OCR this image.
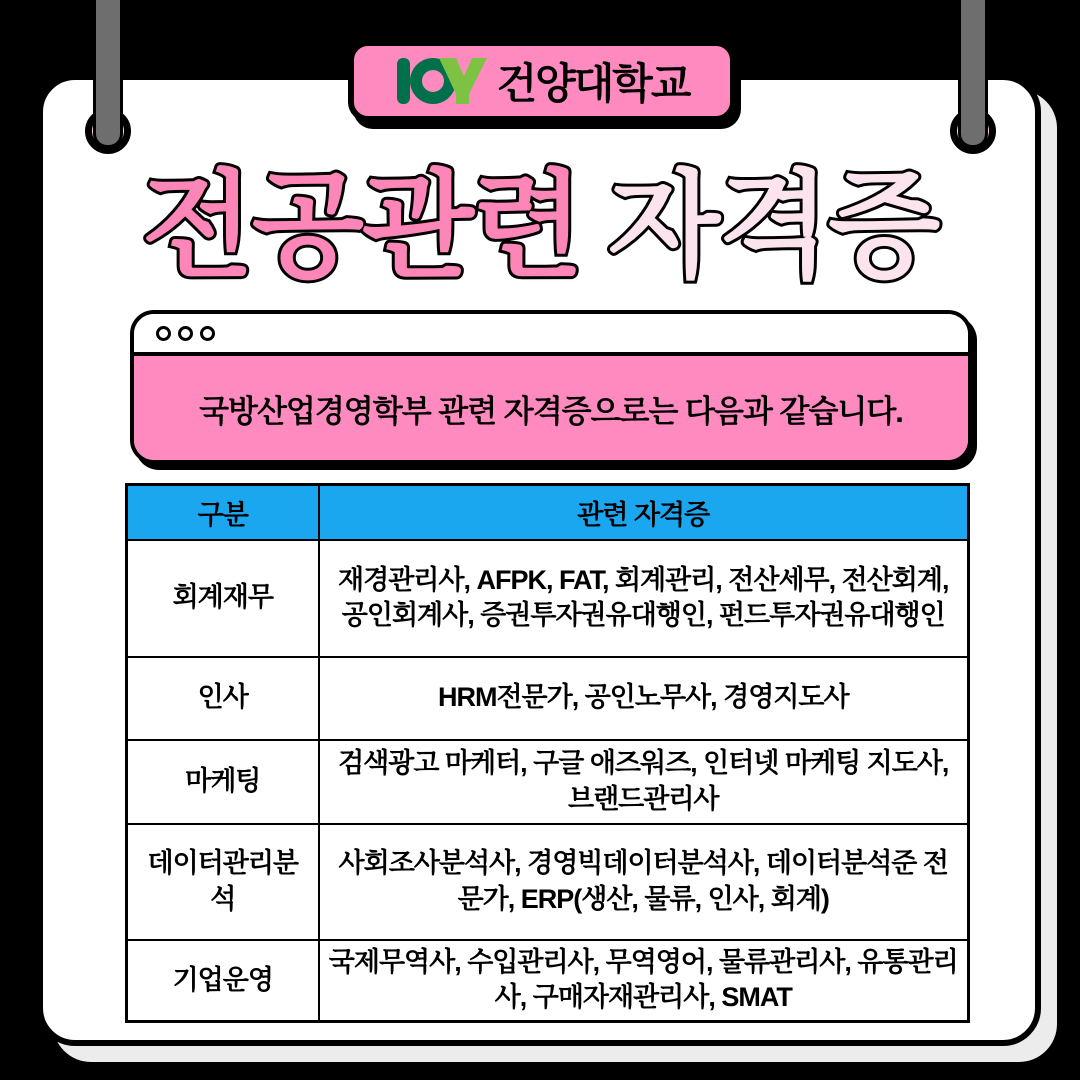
건양대학교
전공관련 자격증
국방산업경영학부 관련 자격증으로는 다음과 같습니다.
구분	관련 자격증
회계재무	재경관리사, AFPK, FAT, 회계관리, 전산세무, 전산회계, 공인회계사, 증권투자권유대행인, 펀드투자권유대행인
인사	HRM전문가, 공인노무사, 경영지도사
마케팅	검색광고 마케터, 구글 애즈워즈, 인터넷 마케팅 지도사, 브랜드관리사
데이터관리분석	사회조사분석사, 경영빅데이터분석사, 데이터분석준 전문가, ERP(생산, 물류, 인사, 회계)
기업운영	국제무역사, 수입관리사, 무역영어, 물류관리사, 유통관리사, 구매자재관리사, SMAT
